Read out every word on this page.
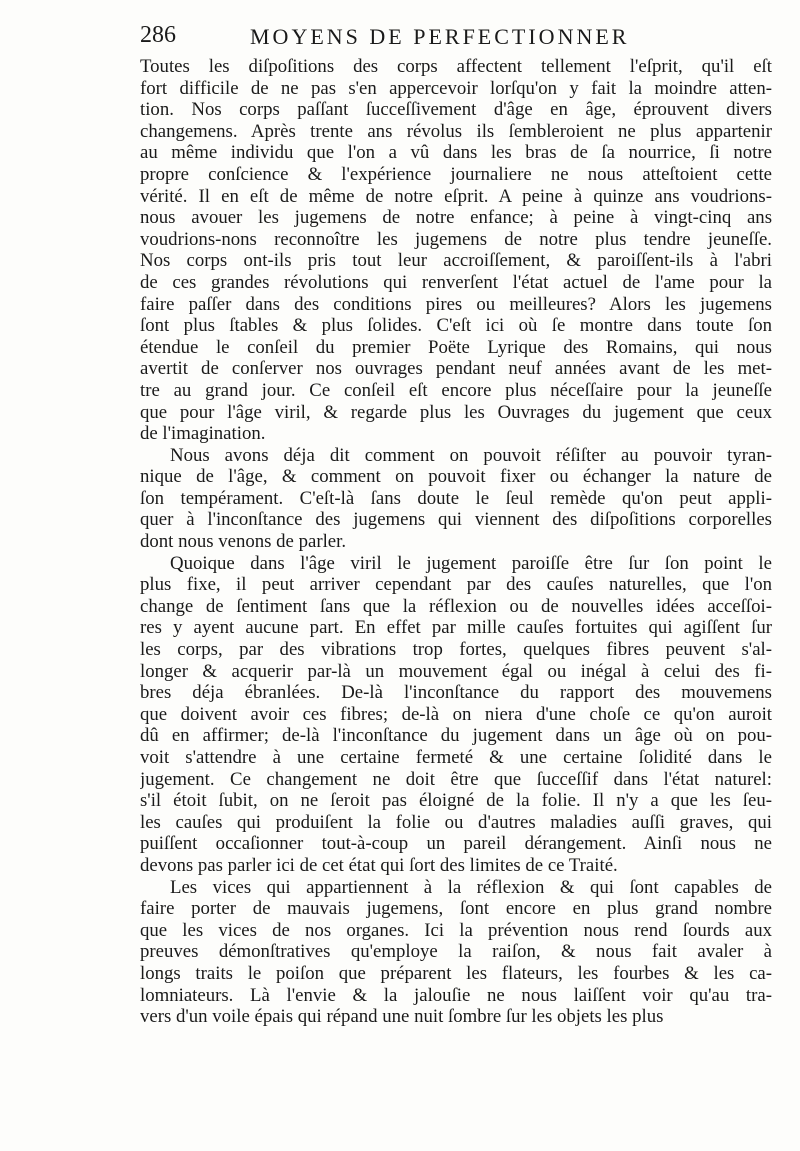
286	MOYENS DE PERFECTIONNER
Toutes les diſpoſitions des corps affectent tellement l'eſprit, qu'il eſt
fort difficile de ne pas s'en appercevoir lorſqu'on y fait la moindre atten-
tion. Nos corps paſſant ſucceſſivement d'âge en âge, éprouvent divers
changemens. Après trente ans révolus ils ſembleroient ne plus appartenir
au même individu que l'on a vû dans les bras de ſa nourrice, ſi notre
propre conſcience & l'expérience journaliere ne nous atteſtoient cette
vérité. Il en eſt de même de notre eſprit. A peine à quinze ans voudrions-
nous avouer les jugemens de notre enfance; à peine à vingt-cinq ans
voudrions-nons reconnoître les jugemens de notre plus tendre jeuneſſe.
Nos corps ont-ils pris tout leur accroiſſement, & paroiſſent-ils à l'abri
de ces grandes révolutions qui renverſent l'état actuel de l'ame pour la
faire paſſer dans des conditions pires ou meilleures? Alors les jugemens
ſont plus ſtables & plus ſolides. C'eſt ici où ſe montre dans toute ſon
étendue le conſeil du premier Poëte Lyrique des Romains, qui nous
avertit de conſerver nos ouvrages pendant neuf années avant de les met-
tre au grand jour. Ce conſeil eſt encore plus néceſſaire pour la jeuneſſe
que pour l'âge viril, & regarde plus les Ouvrages du jugement que ceux
de l'imagination.
Nous avons déja dit comment on pouvoit réſiſter au pouvoir tyran-
nique de l'âge, & comment on pouvoit fixer ou échanger la nature de
ſon tempérament. C'eſt-là ſans doute le ſeul remède qu'on peut appli-
quer à l'inconſtance des jugemens qui viennent des diſpoſitions corporelles
dont nous venons de parler.
Quoique dans l'âge viril le jugement paroiſſe être ſur ſon point le
plus fixe, il peut arriver cependant par des cauſes naturelles, que l'on
change de ſentiment ſans que la réflexion ou de nouvelles idées acceſſoi-
res y ayent aucune part. En effet par mille cauſes fortuites qui agiſſent ſur
les corps, par des vibrations trop fortes, quelques fibres peuvent s'al-
longer & acquerir par-là un mouvement égal ou inégal à celui des fi-
bres déja ébranlées. De-là l'inconſtance du rapport des mouvemens
que doivent avoir ces fibres; de-là on niera d'une choſe ce qu'on auroit
dû en affirmer; de-là l'inconſtance du jugement dans un âge où on pou-
voit s'attendre à une certaine fermeté & une certaine ſolidité dans le
jugement. Ce changement ne doit être que ſucceſſif dans l'état naturel:
s'il étoit ſubit, on ne ſeroit pas éloigné de la folie. Il n'y a que les ſeu-
les cauſes qui produiſent la folie ou d'autres maladies auſſi graves, qui
puiſſent occaſionner tout-à-coup un pareil dérangement. Ainſi nous ne
devons pas parler ici de cet état qui ſort des limites de ce Traité.
Les vices qui appartiennent à la réflexion & qui ſont capables de
faire porter de mauvais jugemens, ſont encore en plus grand nombre
que les vices de nos organes. Ici la prévention nous rend ſourds aux
preuves démonſtratives qu'employe la raiſon, & nous fait avaler à
longs traits le poiſon que préparent les flateurs, les fourbes & les ca-
lomniateurs. Là l'envie & la jalouſie ne nous laiſſent voir qu'au tra-
vers d'un voile épais qui répand une nuit ſombre ſur les objets les plus
